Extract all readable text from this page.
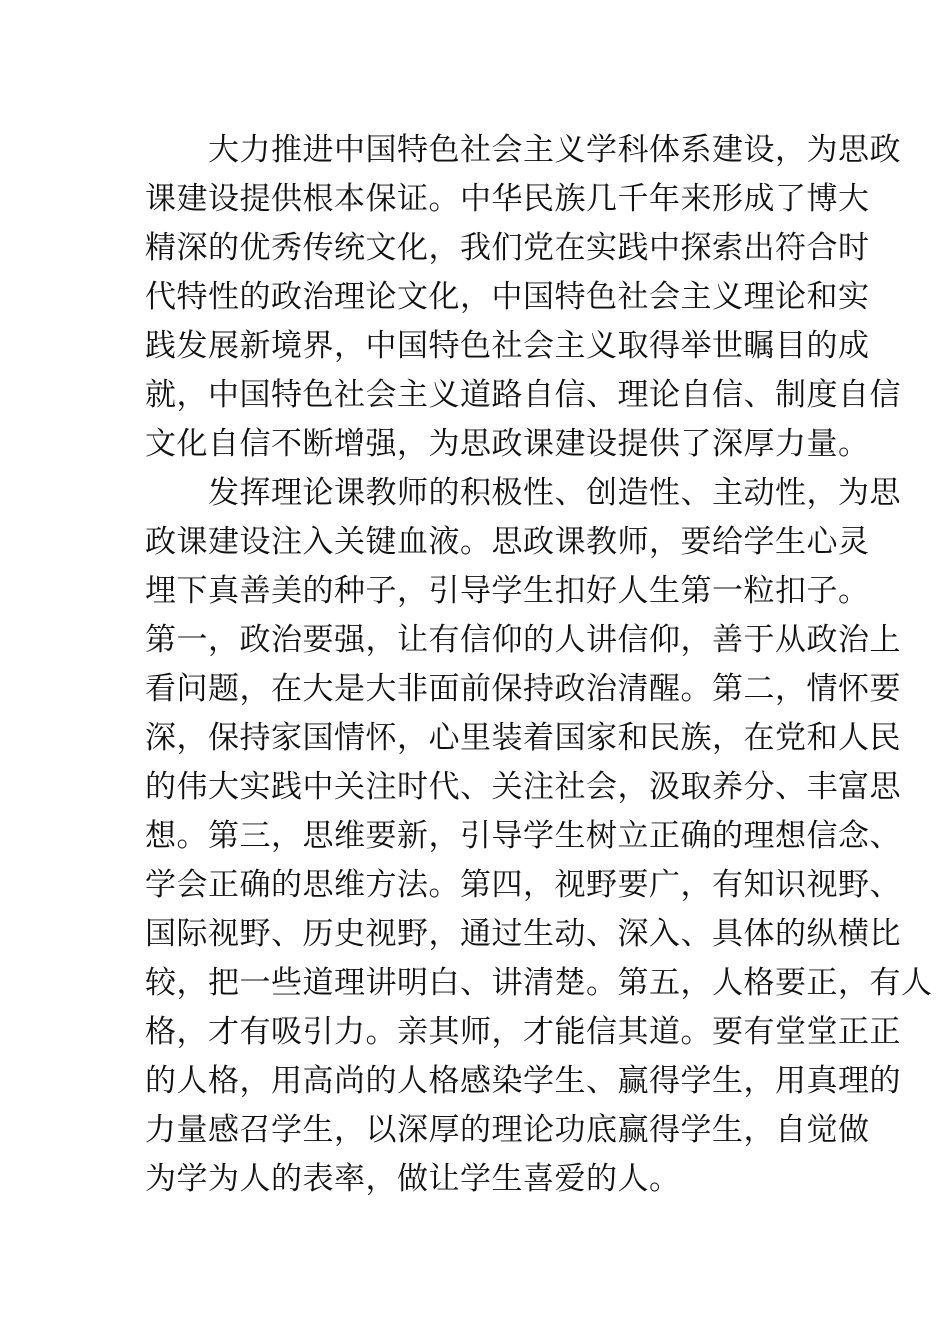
　　大力推进中国特色社会主义学科体系建设，为思政
课建设提供根本保证。中华民族几千年来形成了博大
精深的优秀传统文化，我们党在实践中探索出符合时
代特性的政治理论文化，中国特色社会主义理论和实
践发展新境界，中国特色社会主义取得举世瞩目的成
就，中国特色社会主义道路自信、理论自信、制度自信
文化自信不断增强，为思政课建设提供了深厚力量。
　　发挥理论课教师的积极性、创造性、主动性，为思
政课建设注入关键血液。思政课教师，要给学生心灵
埋下真善美的种子，引导学生扣好人生第一粒扣子。
第一，政治要强，让有信仰的人讲信仰，善于从政治上
看问题，在大是大非面前保持政治清醒。第二，情怀要
深，保持家国情怀，心里装着国家和民族，在党和人民
的伟大实践中关注时代、关注社会，汲取养分、丰富思
想。第三，思维要新，引导学生树立正确的理想信念、
学会正确的思维方法。第四，视野要广，有知识视野、
国际视野、历史视野，通过生动、深入、具体的纵横比
较，把一些道理讲明白、讲清楚。第五，人格要正，有人
格，才有吸引力。亲其师，才能信其道。要有堂堂正正
的人格，用高尚的人格感染学生、赢得学生，用真理的
力量感召学生，以深厚的理论功底赢得学生，自觉做
为学为人的表率，做让学生喜爱的人。
